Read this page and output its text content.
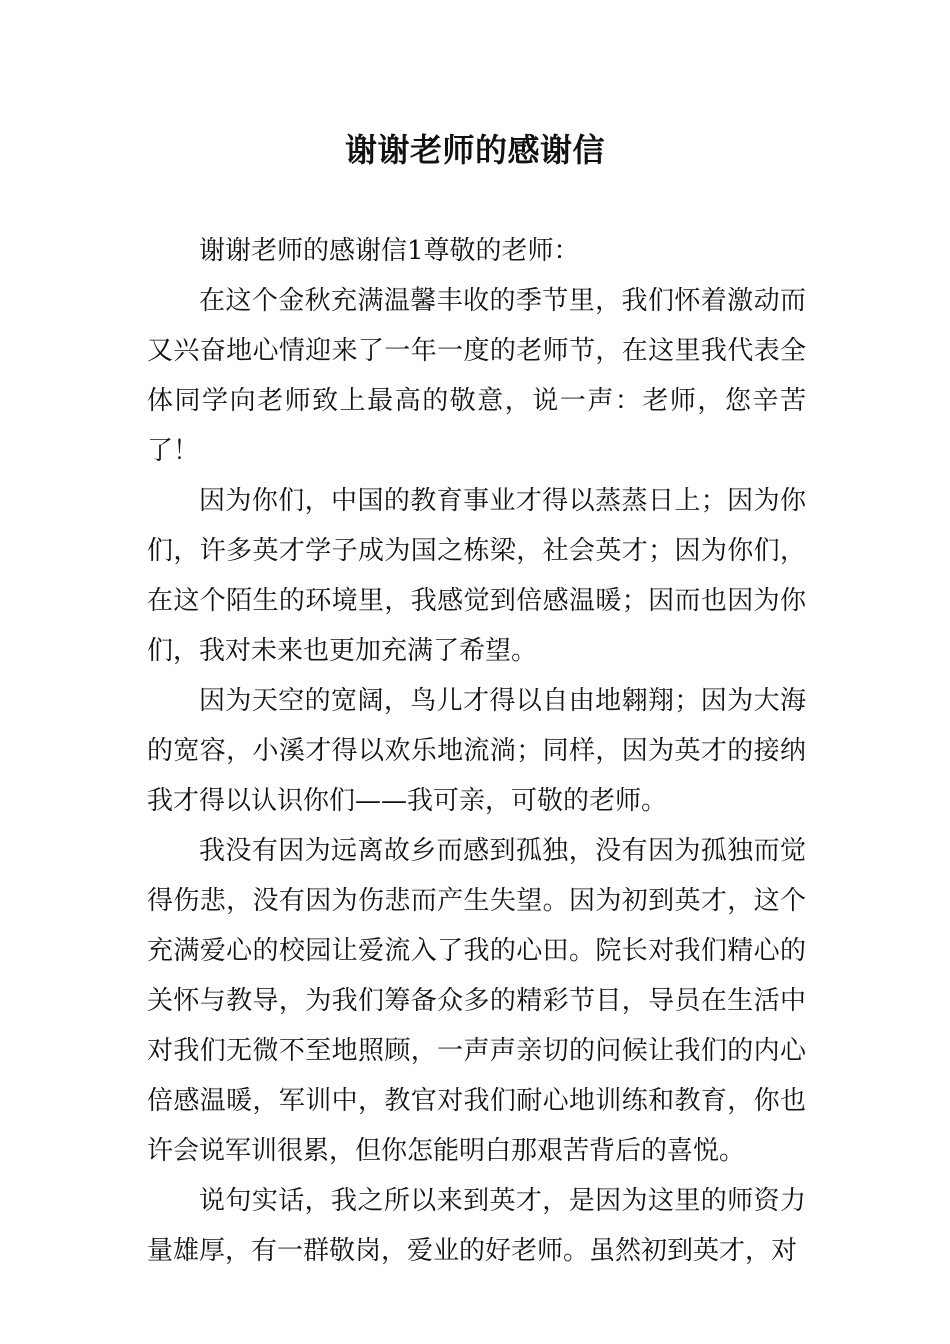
谢谢老师的感谢信

谢谢老师的感谢信1尊敬的老师：

在这个金秋充满温馨丰收的季节里，我们怀着激动而又兴奋地心情迎来了一年一度的老师节，在这里我代表全体同学向老师致上最高的敬意，说一声：老师，您辛苦了！

因为你们，中国的教育事业才得以蒸蒸日上；因为你们，许多英才学子成为国之栋梁，社会英才；因为你们，在这个陌生的环境里，我感觉到倍感温暖；因而也因为你们，我对未来也更加充满了希望。

因为天空的宽阔，鸟儿才得以自由地翱翔；因为大海的宽容，小溪才得以欢乐地流淌；同样，因为英才的接纳我才得以认识你们——我可亲，可敬的老师。

我没有因为远离故乡而感到孤独，没有因为孤独而觉得伤悲，没有因为伤悲而产生失望。因为初到英才，这个充满爱心的校园让爱流入了我的心田。院长对我们精心的关怀与教导，为我们筹备众多的精彩节目，导员在生活中对我们无微不至地照顾，一声声亲切的问候让我们的内心倍感温暖，军训中，教官对我们耐心地训练和教育，你也许会说军训很累，但你怎能明白那艰苦背后的喜悦。

说句实话，我之所以来到英才，是因为这里的师资力量雄厚，有一群敬岗，爱业的好老师。虽然初到英才，对
